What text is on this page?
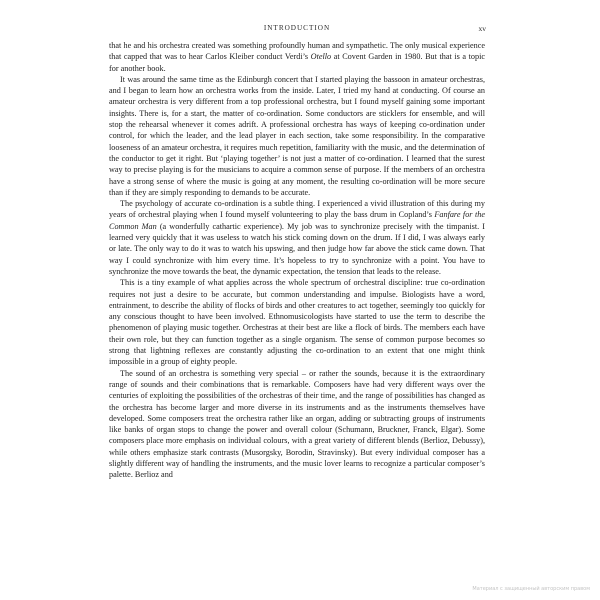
INTRODUCTION	xv

that he and his orchestra created was something profoundly human and sympathetic. The only musical experience that capped that was to hear Carlos Kleiber conduct Verdi’s Otello at Covent Garden in 1980. But that is a topic for another book.

It was around the same time as the Edinburgh concert that I started playing the bassoon in amateur orchestras, and I began to learn how an orchestra works from the inside. Later, I tried my hand at conducting. Of course an amateur orchestra is very different from a top professional orchestra, but I found myself gaining some important insights. There is, for a start, the matter of co-ordination. Some conductors are sticklers for ensemble, and will stop the rehearsal whenever it comes adrift. A professional orchestra has ways of keeping co-ordination under control, for which the leader, and the lead player in each section, take some responsibility. In the comparative looseness of an amateur orchestra, it requires much repetition, familiarity with the music, and the determination of the conductor to get it right. But ‘playing together’ is not just a matter of co-ordination. I learned that the surest way to precise playing is for the musicians to acquire a common sense of purpose. If the members of an orchestra have a strong sense of where the music is going at any moment, the resulting co-ordination will be more secure than if they are simply responding to demands to be accurate.

The psychology of accurate co-ordination is a subtle thing. I experienced a vivid illustration of this during my years of orchestral playing when I found myself volunteering to play the bass drum in Copland’s Fanfare for the Common Man (a wonderfully cathartic experience). My job was to synchronize precisely with the timpanist. I learned very quickly that it was useless to watch his stick coming down on the drum. If I did, I was always early or late. The only way to do it was to watch his upswing, and then judge how far above the stick came down. That way I could synchronize with him every time. It’s hopeless to try to synchronize with a point. You have to synchronize the move towards the beat, the dynamic expectation, the tension that leads to the release.

This is a tiny example of what applies across the whole spectrum of orchestral discipline: true co-ordination requires not just a desire to be accurate, but common understanding and impulse. Biologists have a word, entrainment, to describe the ability of flocks of birds and other creatures to act together, seemingly too quickly for any conscious thought to have been involved. Ethnomusicologists have started to use the term to describe the phenomenon of playing music together. Orchestras at their best are like a flock of birds. The members each have their own role, but they can function together as a single organism. The sense of common purpose becomes so strong that lightning reflexes are constantly adjusting the co-ordination to an extent that one might think impossible in a group of eighty people.

The sound of an orchestra is something very special – or rather the sounds, because it is the extraordinary range of sounds and their combinations that is remarkable. Composers have had very different ways over the centuries of exploiting the possibilities of the orchestras of their time, and the range of possibilities has changed as the orchestra has become larger and more diverse in its instruments and as the instruments themselves have developed. Some composers treat the orchestra rather like an organ, adding or subtracting groups of instruments like banks of organ stops to change the power and overall colour (Schumann, Bruckner, Franck, Elgar). Some composers place more emphasis on individual colours, with a great variety of different blends (Berlioz, Debussy), while others emphasize stark contrasts (Musorgsky, Borodin, Stravinsky). But every individual composer has a slightly different way of handling the instruments, and the music lover learns to recognize a particular composer’s palette. Berlioz and

Материал с защищенный авторским правом
